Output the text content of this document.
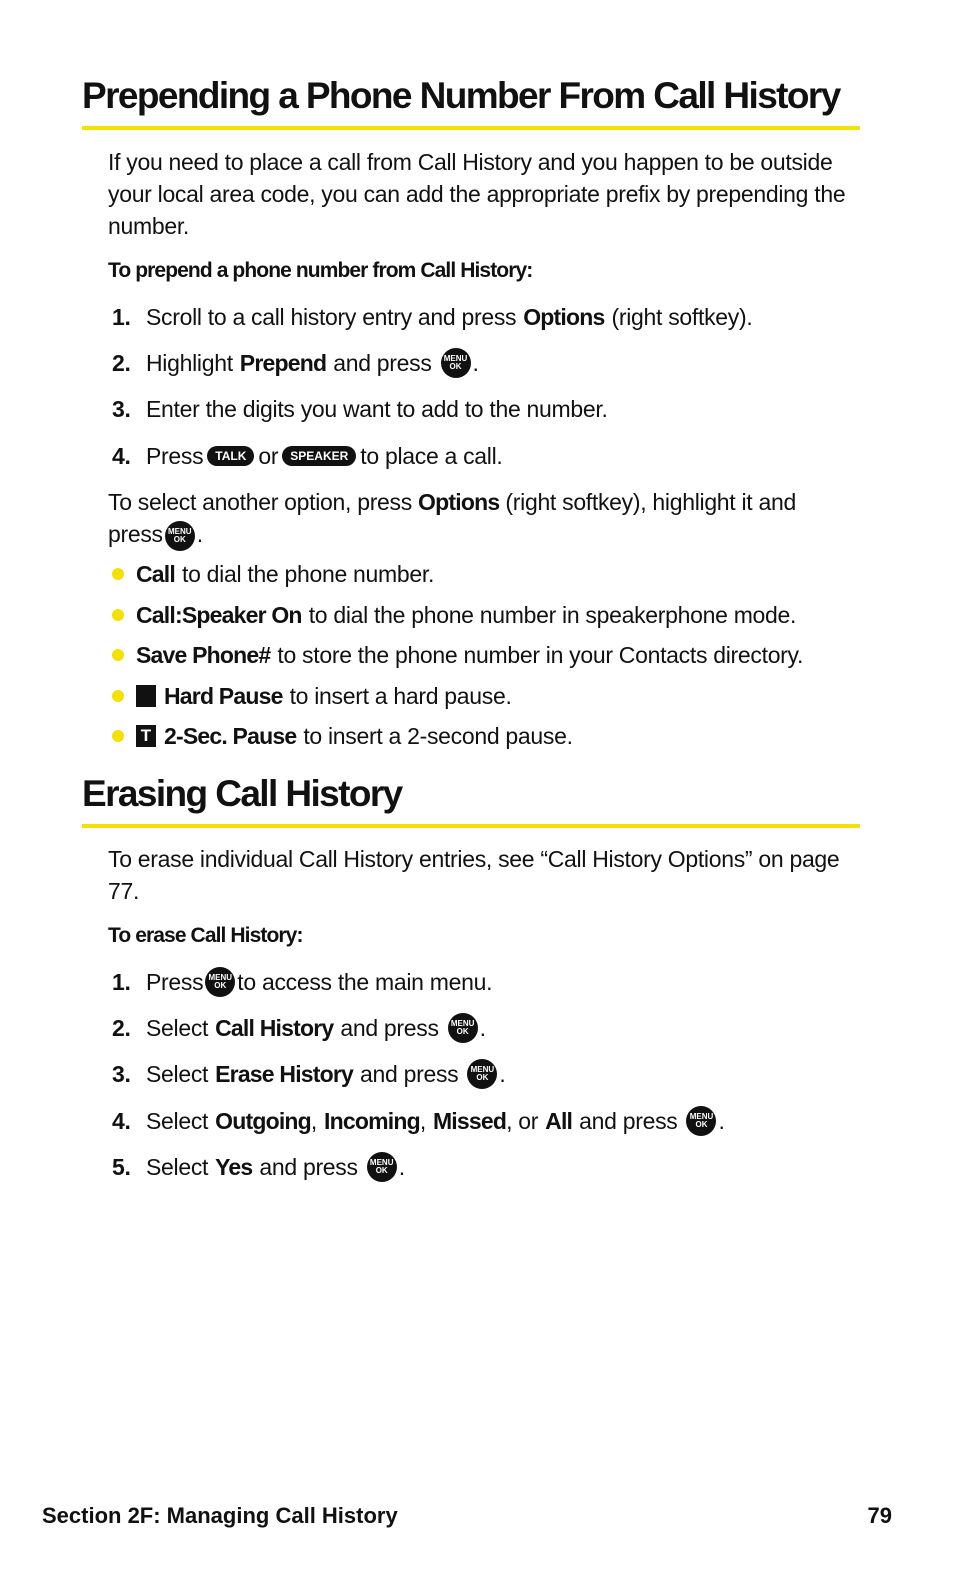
Prepending a Phone Number From Call History

If you need to place a call from Call History and you happen to be outside your local area code, you can add the appropriate prefix by prepending the number.

To prepend a phone number from Call History:

1. Scroll to a call history entry and press Options (right softkey).
2. Highlight Prepend and press MENU
OK .
3. Enter the digits you want to add to the number.
4. Press	TALK or	SPEAKER to place a call.
To select another option, press Options (right softkey), highlight it and
press MENU
OK .
Call to dial the phone number.
Call:Speaker On to dial the phone number in speakerphone mode.
Save Phone# to store the phone number in your Contacts directory.
Hard Pause to insert a hard pause.
T 2-Sec. Pause to insert a 2-second pause.
Erasing Call History

To erase individual Call History entries, see “Call History Options” on page 77.

To erase Call History:

1. Press MENU
OK to access the main menu.
2. Select Call History and press MENU
OK .
3. Select Erase History and press MENU
OK .
4. Select Outgoing , Incoming , Missed , or All and press MENU
OK .
5. Select Yes and press MENU
OK .

Section 2F: Managing Call History	79
